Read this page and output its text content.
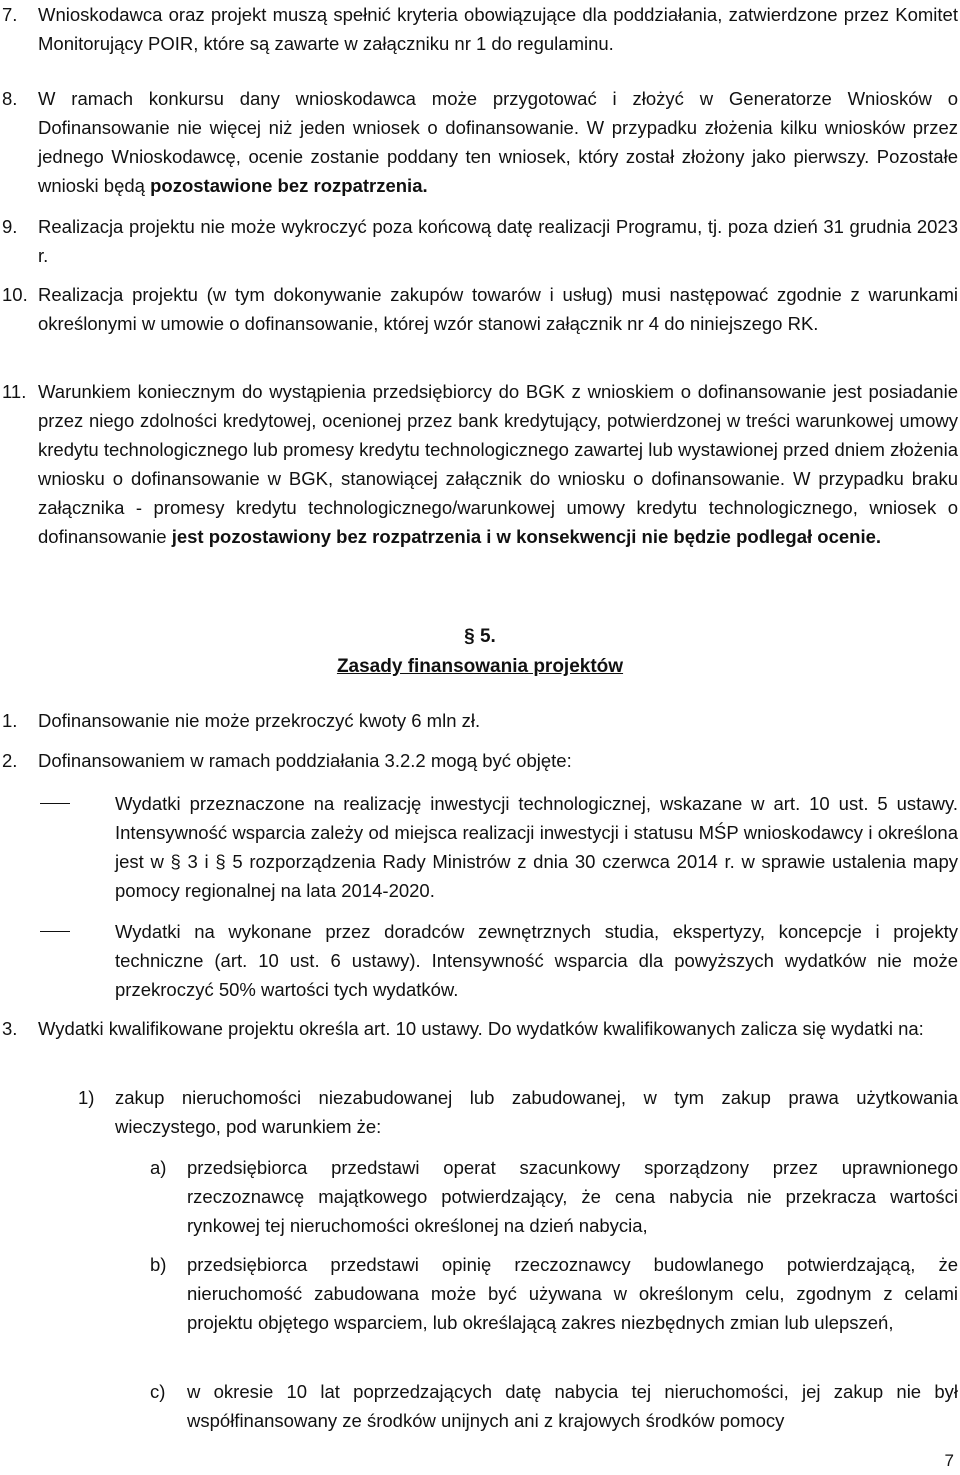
7. Wnioskodawca oraz projekt muszą spełnić kryteria obowiązujące dla poddziałania, zatwierdzone przez Komitet Monitorujący POIR, które są zawarte w załączniku nr 1 do regulaminu.
8. W ramach konkursu dany wnioskodawca może przygotować i złożyć w Generatorze Wniosków o Dofinansowanie nie więcej niż jeden wniosek o dofinansowanie. W przypadku złożenia kilku wniosków przez jednego Wnioskodawcę, ocenie zostanie poddany ten wniosek, który został złożony jako pierwszy. Pozostałe wnioski będą pozostawione bez rozpatrzenia.
9. Realizacja projektu nie może wykroczyć poza końcową datę realizacji Programu, tj. poza dzień 31 grudnia 2023 r.
10. Realizacja projektu (w tym dokonywanie zakupów towarów i usług) musi następować zgodnie z warunkami określonymi w umowie o dofinansowanie, której wzór stanowi załącznik nr 4 do niniejszego RK.
11. Warunkiem koniecznym do wystąpienia przedsiębiorcy do BGK z wnioskiem o dofinansowanie jest posiadanie przez niego zdolności kredytowej, ocenionej przez bank kredytujący, potwierdzonej w treści warunkowej umowy kredytu technologicznego lub promesy kredytu technologicznego zawartej lub wystawionej przed dniem złożenia wniosku o dofinansowanie w BGK, stanowiącej załącznik do wniosku o dofinansowanie. W przypadku braku załącznika - promesy kredytu technologicznego/warunkowej umowy kredytu technologicznego, wniosek o dofinansowanie jest pozostawiony bez rozpatrzenia i w konsekwencji nie będzie podlegał ocenie.
§ 5.
Zasady finansowania projektów
1. Dofinansowanie nie może przekroczyć kwoty 6 mln zł.
2. Dofinansowaniem w ramach poddziałania 3.2.2 mogą być objęte:
Wydatki przeznaczone na realizację inwestycji technologicznej, wskazane w art. 10 ust. 5 ustawy. Intensywność wsparcia zależy od miejsca realizacji inwestycji i statusu MŚP wnioskodawcy i określona jest w § 3 i § 5 rozporządzenia Rady Ministrów z dnia 30 czerwca 2014 r. w sprawie ustalenia mapy pomocy regionalnej na lata 2014-2020.
Wydatki na wykonane przez doradców zewnętrznych studia, ekspertyzy, koncepcje i projekty techniczne (art. 10 ust. 6 ustawy). Intensywność wsparcia dla powyższych wydatków nie może przekroczyć 50% wartości tych wydatków.
3. Wydatki kwalifikowane projektu określa art. 10 ustawy. Do wydatków kwalifikowanych zalicza się wydatki na:
1) zakup nieruchomości niezabudowanej lub zabudowanej, w tym zakup prawa użytkowania wieczystego, pod warunkiem że:
a) przedsiębiorca przedstawi operat szacunkowy sporządzony przez uprawnionego rzeczoznawcę majątkowego potwierdzający, że cena nabycia nie przekracza wartości rynkowej tej nieruchomości określonej na dzień nabycia,
b) przedsiębiorca przedstawi opinię rzeczoznawcy budowlanego potwierdzającą, że nieruchomość zabudowana może być używana w określonym celu, zgodnym z celami projektu objętego wsparciem, lub określającą zakres niezbędnych zmian lub ulepszeń,
c) w okresie 10 lat poprzedzających datę nabycia tej nieruchomości, jej zakup nie był współfinansowany ze środków unijnych ani z krajowych środków pomocy
7
